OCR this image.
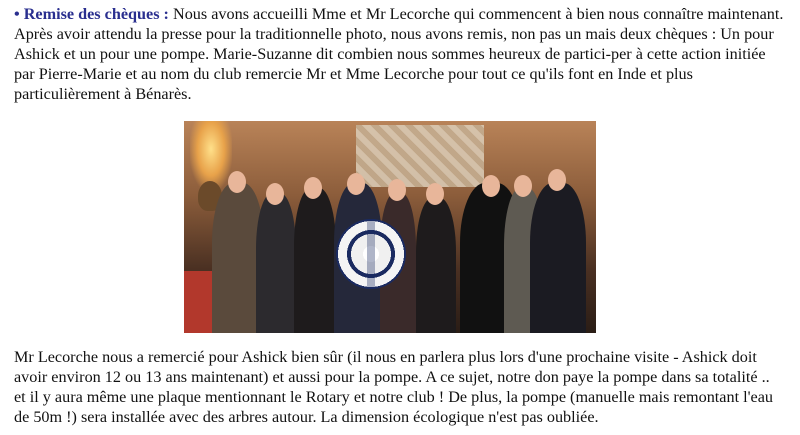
• Remise des chèques : Nous avons accueilli Mme et Mr Lecorche qui commencent à bien nous connaître maintenant. Après avoir attendu la presse pour la traditionnelle photo, nous avons remis, non pas un mais deux chèques : Un pour Ashick et un pour une pompe. Marie-Suzanne dit combien nous sommes heureux de partici-per à cette action initiée par Pierre-Marie et au nom du club remercie Mr et Mme Lecorche pour tout ce qu'ils font en Inde et plus particulièrement à Bénarès.

Mr Lecorche nous a remercié pour Ashick bien sûr (il nous en parlera plus lors d'une prochaine visite - Ashick doit avoir environ 12 ou 13 ans maintenant) et aussi pour la pompe. A ce sujet, notre don paye la pompe dans sa totalité .. et il y aura même une plaque mentionnant le Rotary et notre club ! De plus, la pompe (manuelle mais remontant l'eau de 50m !) sera installée avec des arbres autour. La dimension écologique n'est pas oubliée.
